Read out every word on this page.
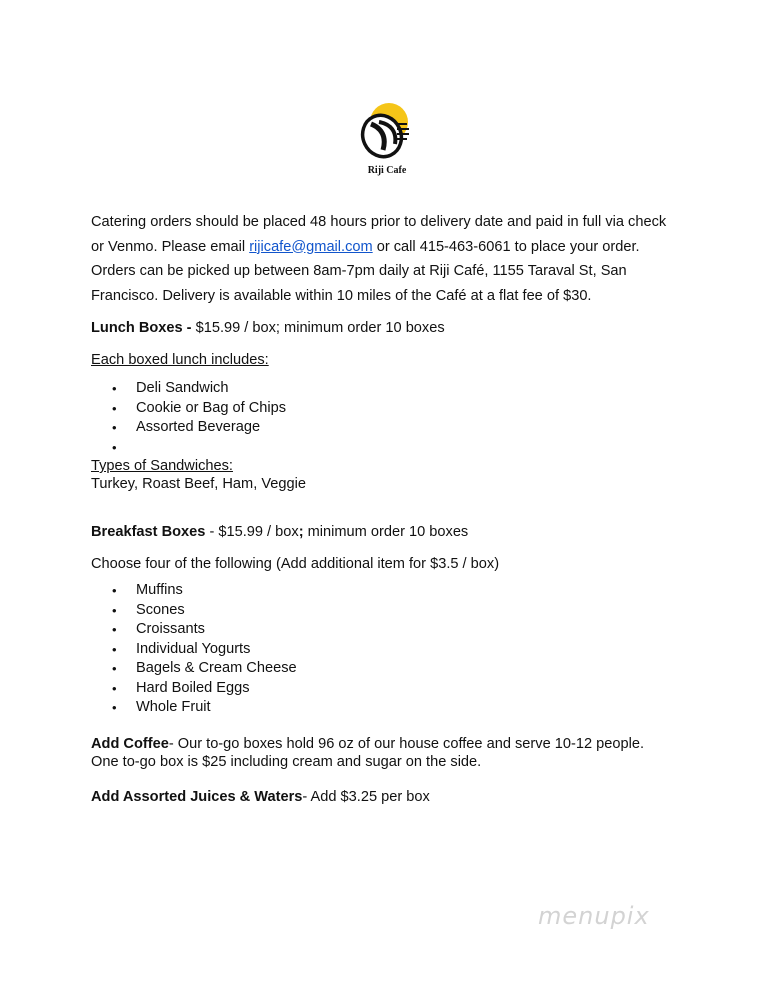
Riji Cafe

Catering orders should be placed 48 hours prior to delivery date and paid in full via check or Venmo. Please email rijicafe@gmail.com or call 415-463-6061 to place your order. Orders can be picked up between 8am-7pm daily at Riji Café, 1155 Taraval St, San Francisco. Delivery is available within 10 miles of the Café at a flat fee of $30.

Lunch Boxes - $15.99 / box; minimum order 10 boxes

Each boxed lunch includes:

• Deli Sandwich
• Cookie or Bag of Chips
• Assorted Beverage
•

Types of Sandwiches:

Turkey, Roast Beef, Ham, Veggie

Breakfast Boxes - $15.99 / box; minimum order 10 boxes

Choose four of the following (Add additional item for $3.5 / box)

• Muffins
• Scones
• Croissants
• Individual Yogurts
• Bagels & Cream Cheese
• Hard Boiled Eggs
• Whole Fruit

Add Coffee- Our to-go boxes hold 96 oz of our house coffee and serve 10-12 people.

One to-go box is $25 including cream and sugar on the side.

Add Assorted Juices & Waters- Add $3.25 per box

menupix
